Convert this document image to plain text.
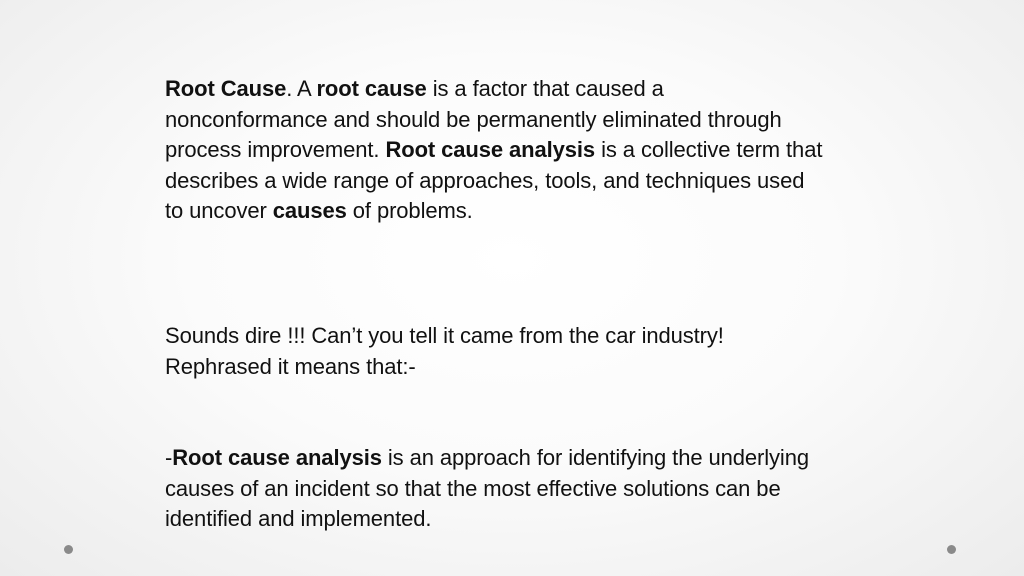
Root Cause. A root cause is a factor that caused a nonconformance and should be permanently eliminated through process improvement. Root cause analysis is a collective term that describes a wide range of approaches, tools, and techniques used to uncover causes of problems.
Sounds dire !!! Can’t you tell it came from the car industry!
Rephrased it means that:-
-Root cause analysis is an approach for identifying the underlying causes of an incident so that the most effective solutions can be identified and implemented.
